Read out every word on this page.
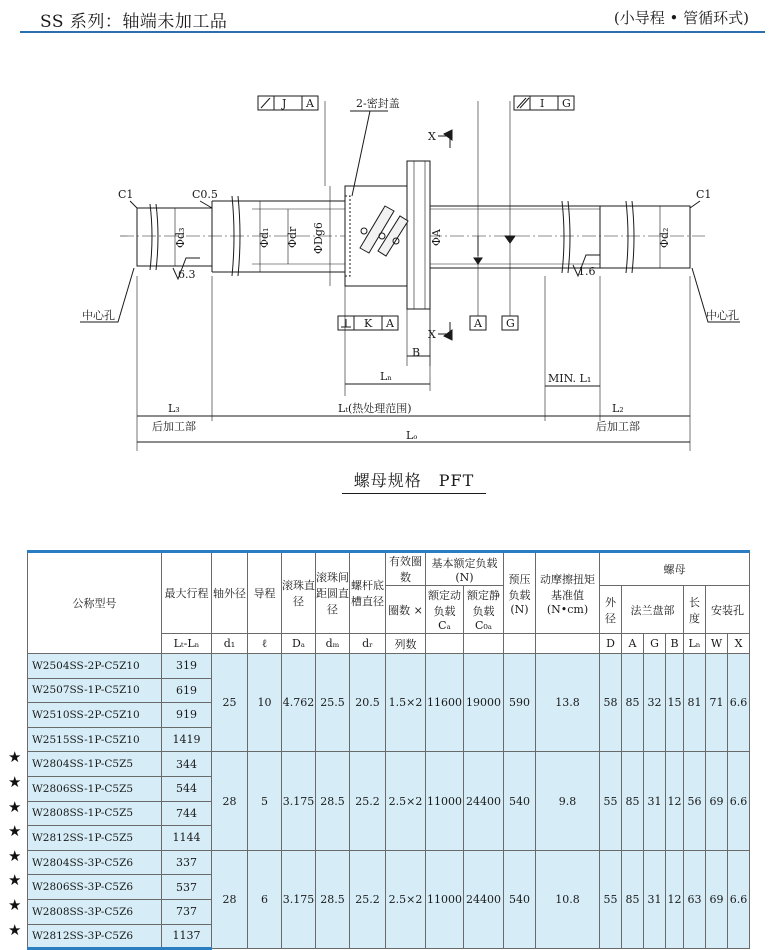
SS 系列：轴端未加工品	(小导程 • 管循环式)
J A	I G
K A	A G
2-密封盖
X
X
C1	C0.5	C1
Φd₃	Φd₁ Φdr ΦDg6	ΦA	Φd₂
6.3	1.6
中心孔	中心孔
B
Lₙ	MIN. L₁
L₃	Lₜ(热处理范围)	L₂
Lₒ
后加工部	后加工部
螺母规格　PFT
★
★
★
★
★
★
★
★
公称型号	最大行程	轴外径	导程	滚珠直径	滚珠间距圆直径	螺杆底槽直径	有效圈数	基本额定负载(N)		预压负载(N)	动摩擦扭矩基准值(N•cm)	螺母						
							圈数 ×	额定动负载 Cₐ	额定静负载 C₀ₐ			外径	法兰盘部			长度	安装孔	
	Lₜ-Lₙ	d₁	ℓ	Dₐ	dₘ	dᵣ	列数					D	A	G	B	Lₙ	W	X
W2504SS-2P-C5Z10	319	25	10	4.762	25.5	20.5	1.5×2	11600	19000	590	13.8	58	85	32	15	81	71	6.6
W2507SS-1P-C5Z10	619																	
W2510SS-2P-C5Z10	919																	
W2515SS-1P-C5Z10	1419																	
W2804SS-1P-C5Z5	344	28	5	3.175	28.5	25.2	2.5×2	11000	24400	540	9.8	55	85	31	12	56	69	6.6
W2806SS-1P-C5Z5	544																	
W2808SS-1P-C5Z5	744																	
W2812SS-1P-C5Z5	1144																	
W2804SS-3P-C5Z6	337	28	6	3.175	28.5	25.2	2.5×2	11000	24400	540	10.8	55	85	31	12	63	69	6.6
W2806SS-3P-C5Z6	537																	
W2808SS-3P-C5Z6	737																	
W2812SS-3P-C5Z6	1137																	
